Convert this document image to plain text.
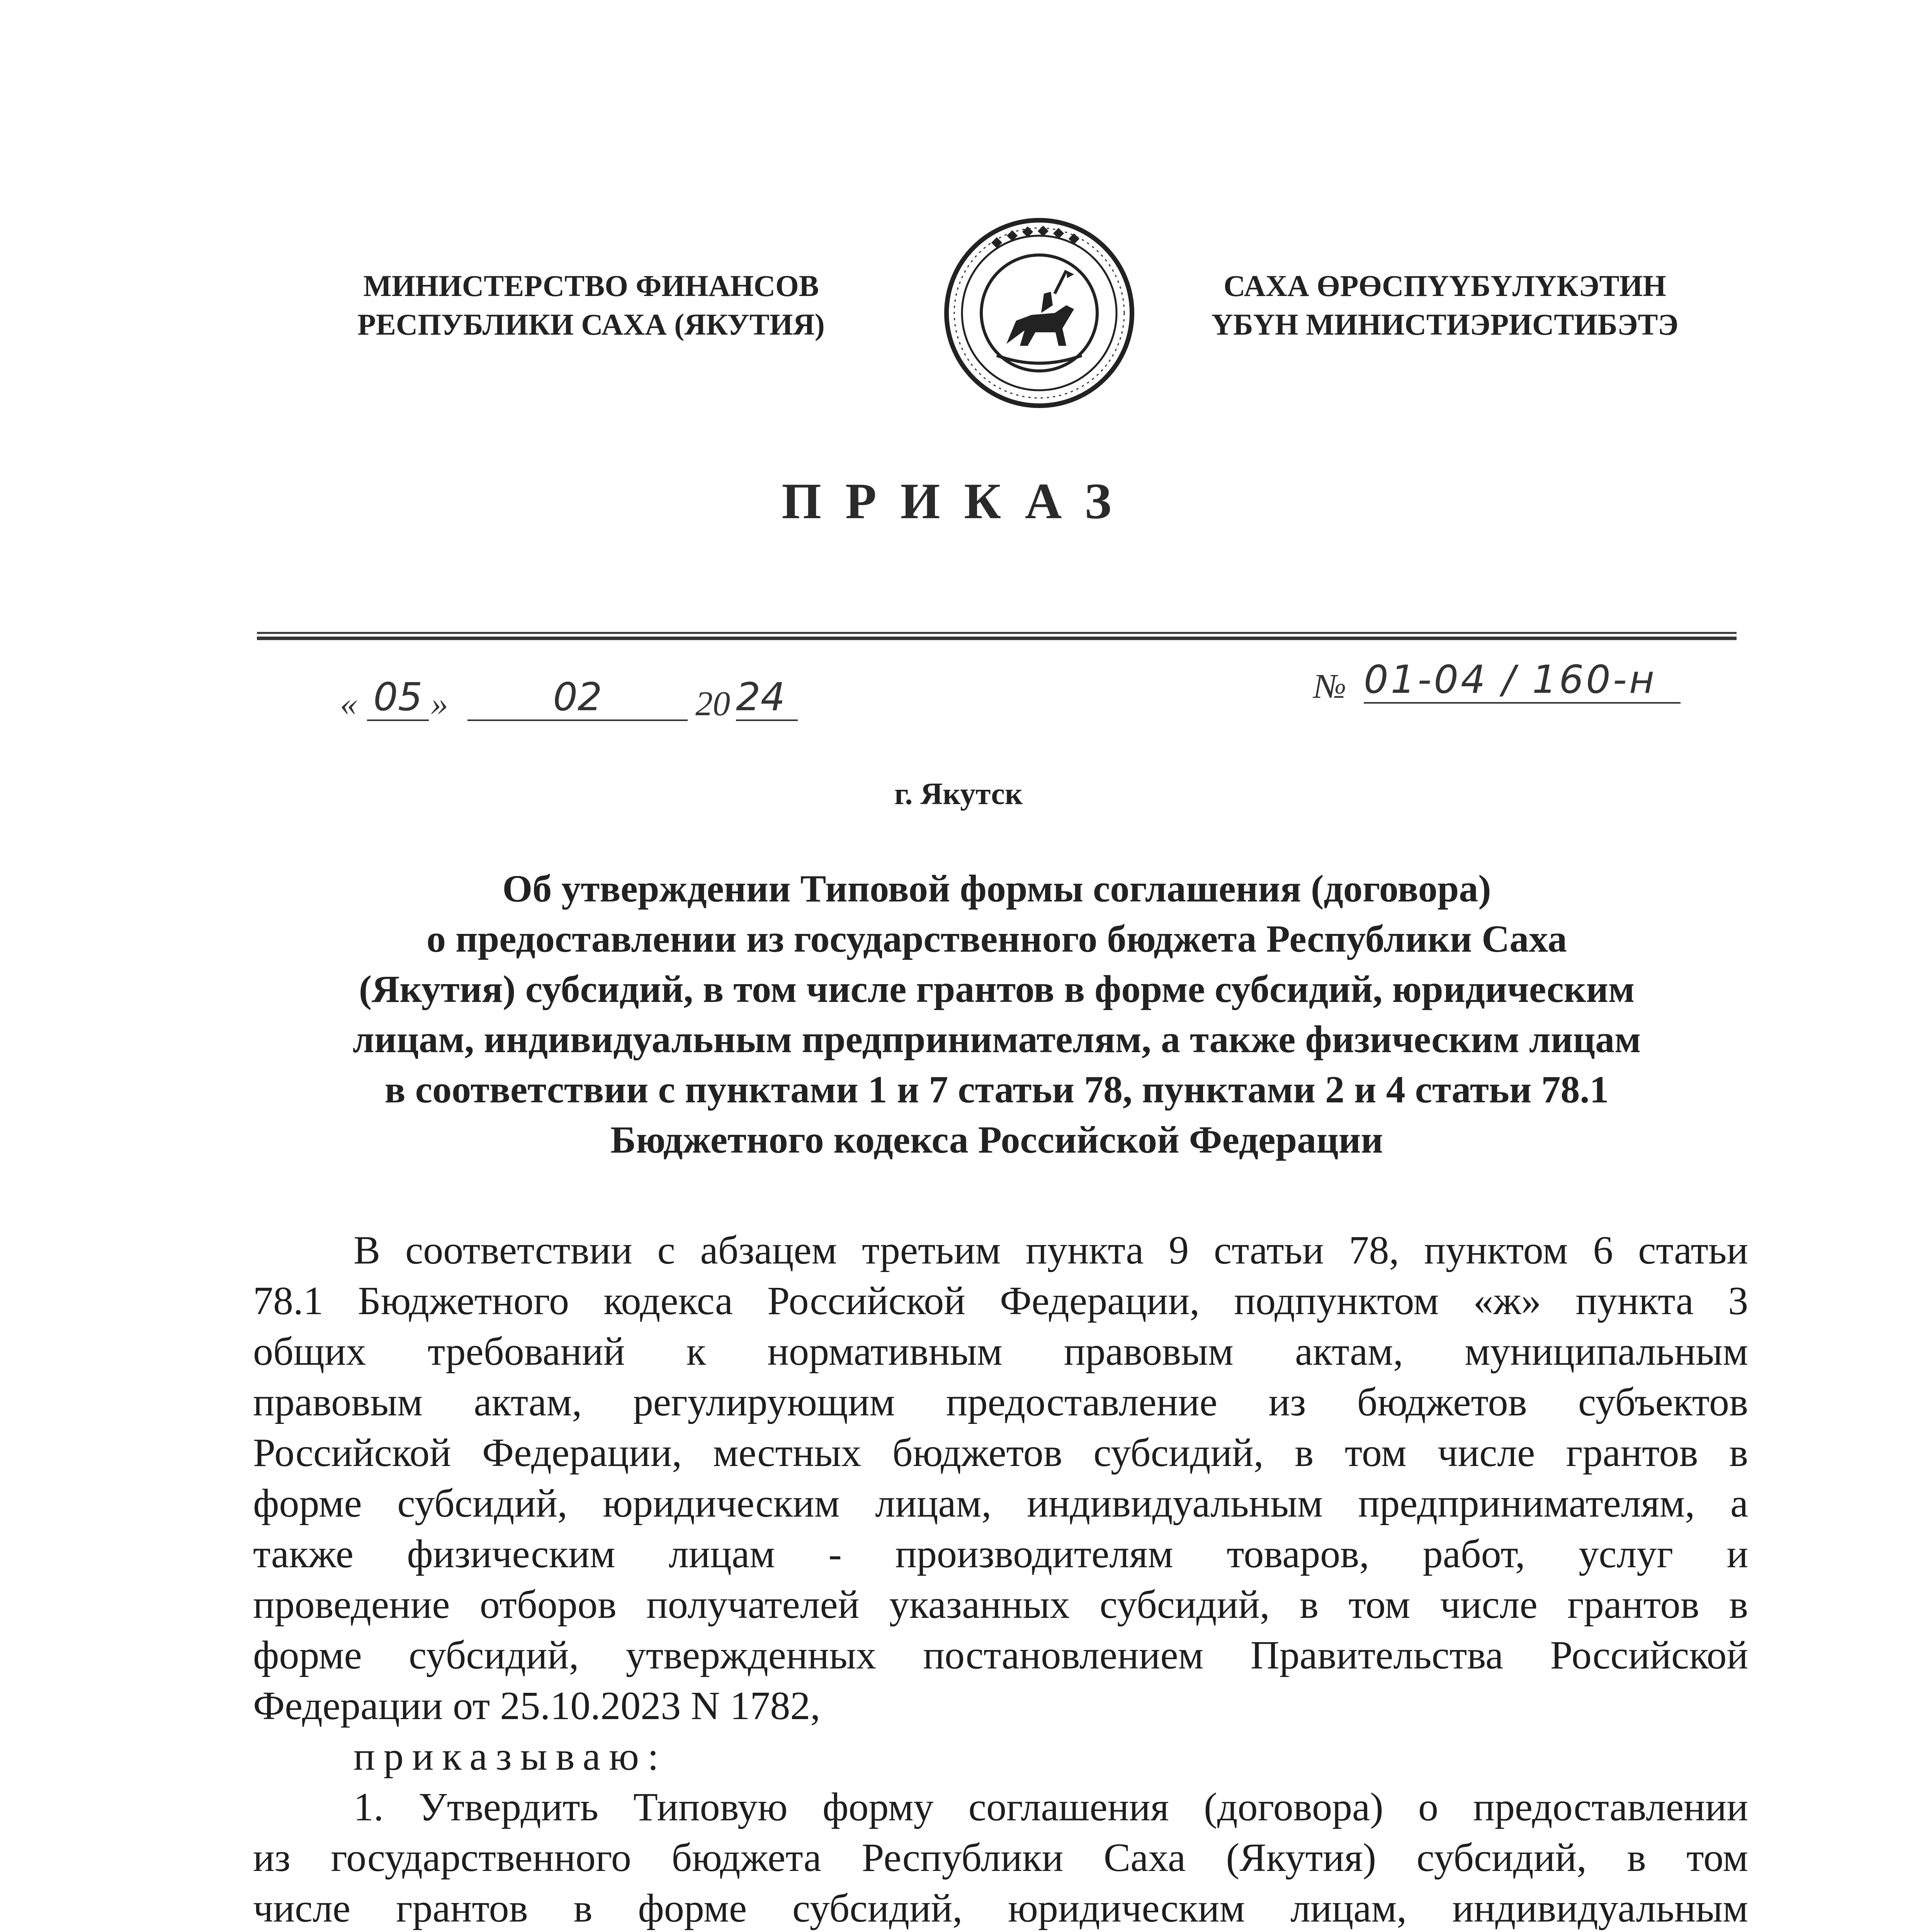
МИНИСТЕРСТВО ФИНАНСОВ
РЕСПУБЛИКИ САХА (ЯКУТИЯ)
САХА ӨРӨСПҮҮБҮЛҮКЭТИН
ҮБҮН МИНИСТИЭРИСТИБЭТЭ
ПРИКАЗ
« 05 »	02	20 24	№ 01-04 / 160-н
г. Якутск
Об утверждении Типовой формы соглашения (договора)
о предоставлении из государственного бюджета Республики Саха
(Якутия) субсидий, в том числе грантов в форме субсидий, юридическим
лицам, индивидуальным предпринимателям, а также физическим лицам
в соответствии с пунктами 1 и 7 статьи 78, пунктами 2 и 4 статьи 78.1
Бюджетного кодекса Российской Федерации
В соответствии с абзацем третьим пункта 9 статьи 78, пунктом 6 статьи
78.1 Бюджетного кодекса Российской Федерации, подпунктом «ж» пункта 3
общих требований к нормативным правовым актам, муниципальным
правовым актам, регулирующим предоставление из бюджетов субъектов
Российской Федерации, местных бюджетов субсидий, в том числе грантов в
форме субсидий, юридическим лицам, индивидуальным предпринимателям, а
также физическим лицам - производителям товаров, работ, услуг и
проведение отборов получателей указанных субсидий, в том числе грантов в
форме субсидий, утвержденных постановлением Правительства Российской
Федерации от 25.10.2023 N 1782,
приказываю:
1. Утвердить Типовую форму соглашения (договора) о предоставлении
из государственного бюджета Республики Саха (Якутия) субсидий, в том
числе грантов в форме субсидий, юридическим лицам, индивидуальным
